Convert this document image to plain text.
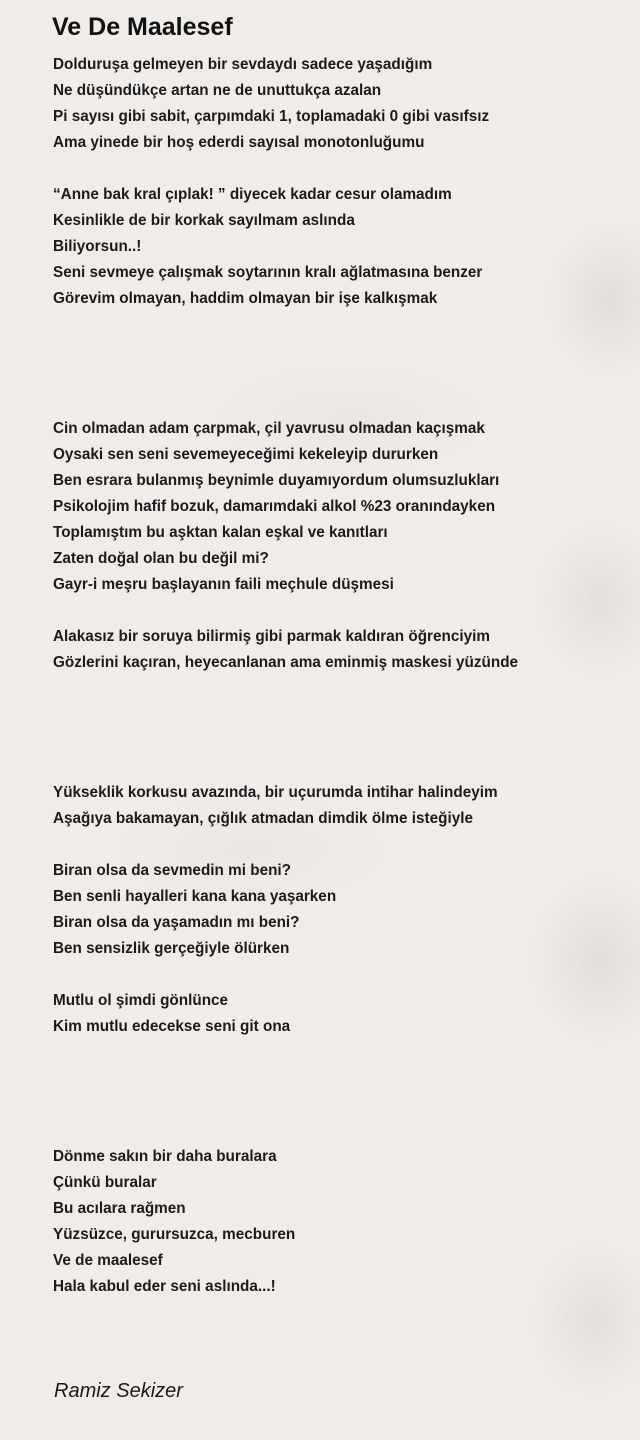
Ve De Maalesef
Dolduruşa gelmeyen bir sevdaydı sadece yaşadığım
Ne düşündükçe artan ne de unuttukça azalan
Pi sayısı gibi sabit, çarpımdaki 1, toplamadaki 0 gibi vasıfsız
Ama yinede bir hoş ederdi sayısal monotonluğumu
“Anne bak kral çıplak! ” diyecek kadar cesur olamadım
Kesinlikle de bir korkak sayılmam aslında
Biliyorsun..!
Seni sevmeye çalışmak soytarının kralı ağlatmasına benzer
Görevim olmayan, haddim olmayan bir işe kalkışmak
Cin olmadan adam çarpmak, çil yavrusu olmadan kaçışmak
Oysaki sen seni sevemeyeceğimi kekeleyip dururken
Ben esrara bulanmış beynimle duyamıyordum olumsuzlukları
Psikolojim hafif bozuk, damarımdaki alkol %23 oranındayken
Toplamıştım bu aşktan kalan eşkal ve kanıtları
Zaten doğal olan bu değil mi?
Gayr-i meşru başlayanın faili meçhule düşmesi
Alakasız bir soruya bilirmiş gibi parmak kaldıran öğrenciyim
Gözlerini kaçıran, heyecanlanan ama eminmiş maskesi yüzünde
Yükseklik korkusu avazında, bir uçurumda intihar halindeyim
Aşağıya bakamayan, çığlık atmadan dimdik ölme isteğiyle
Biran olsa da sevmedin mi beni?
Ben senli hayalleri kana kana yaşarken
Biran olsa da yaşamadın mı beni?
Ben sensizlik gerçeğiyle ölürken
Mutlu ol şimdi gönlünce
Kim mutlu edecekse seni git ona
Dönme sakın bir daha buralara
Çünkü buralar
Bu acılara rağmen
Yüzsüzce, gurursuzca, mecburen
Ve de maalesef
Hala kabul eder seni aslında...!
Ramiz Sekizer
